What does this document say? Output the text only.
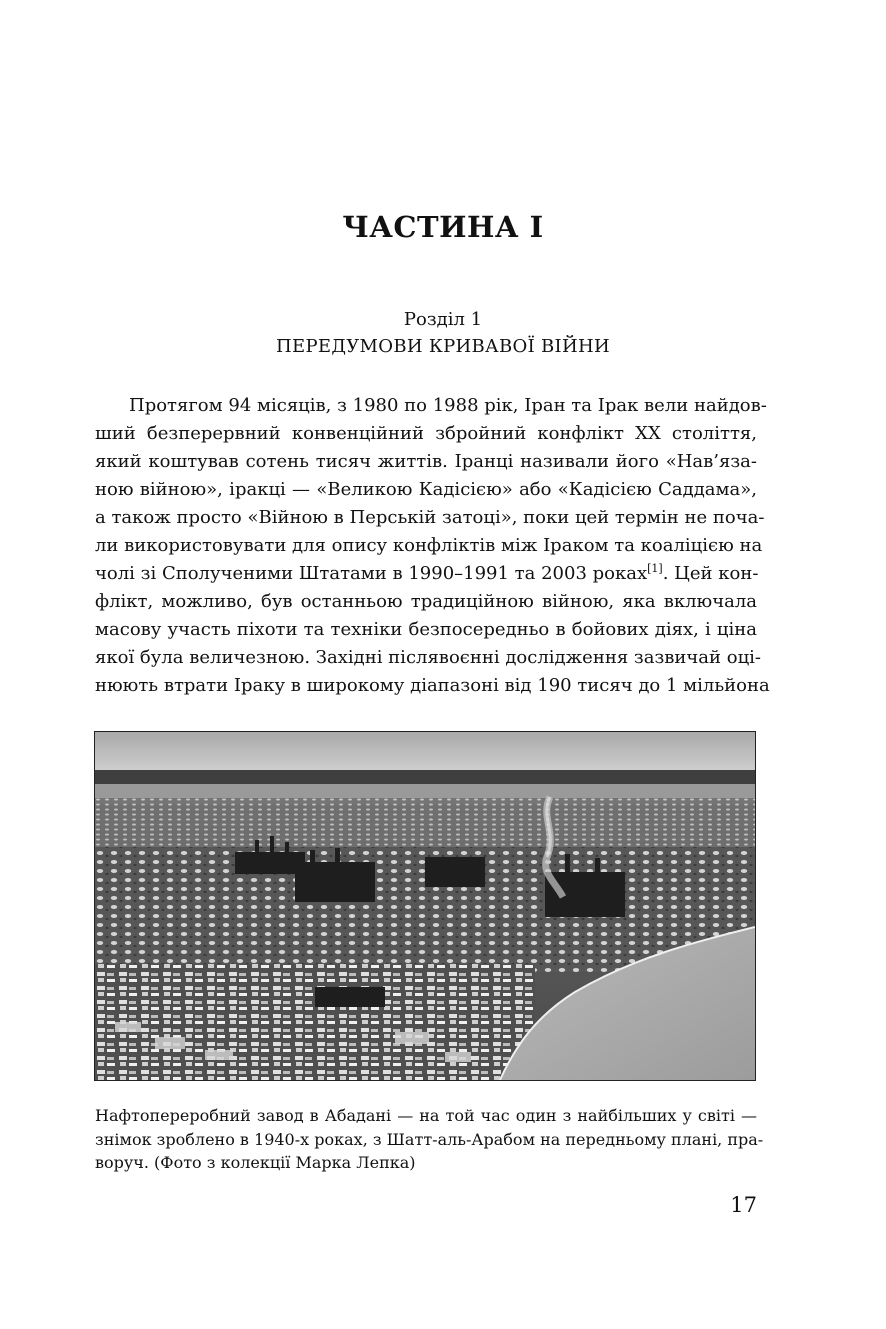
ЧАСТИНА І
Розділ 1
ПЕРЕДУМОВИ КРИВАВОЇ ВІЙНИ
Протягом 94 місяців, з 1980 по 1988 рік, Іран та Ірак вели найдов-
ший безперервний конвенційний збройний конфлікт XX століття,
який коштував сотень тисяч життів. Іранці називали його «Нав’яза-
ною війною», іракці — «Великою Кадісією» або «Кадісією Саддама»,
а також просто «Війною в Перській затоці», поки цей термін не поча-
ли використовувати для опису конфліктів між Іраком та коаліцією на
чолі зі Сполученими Штатами в 1990–1991 та 2003 роках[1]. Цей кон-
флікт, можливо, був останньою традиційною війною, яка включала
масову участь піхоти та техніки безпосередньо в бойових діях, і ціна
якої була величезною. Західні післявоєнні дослідження зазвичай оці-
нюють втрати Іраку в широкому діапазоні від 190 тисяч до 1 мільйона
Нафтопереробний завод в Абадані — на той час один з найбільших у світі —
знімок зроблено в 1940-х роках, з Шатт-аль-Арабом на передньому плані, пра-
воруч. (Фото з колекції Марка Лепка)
17
